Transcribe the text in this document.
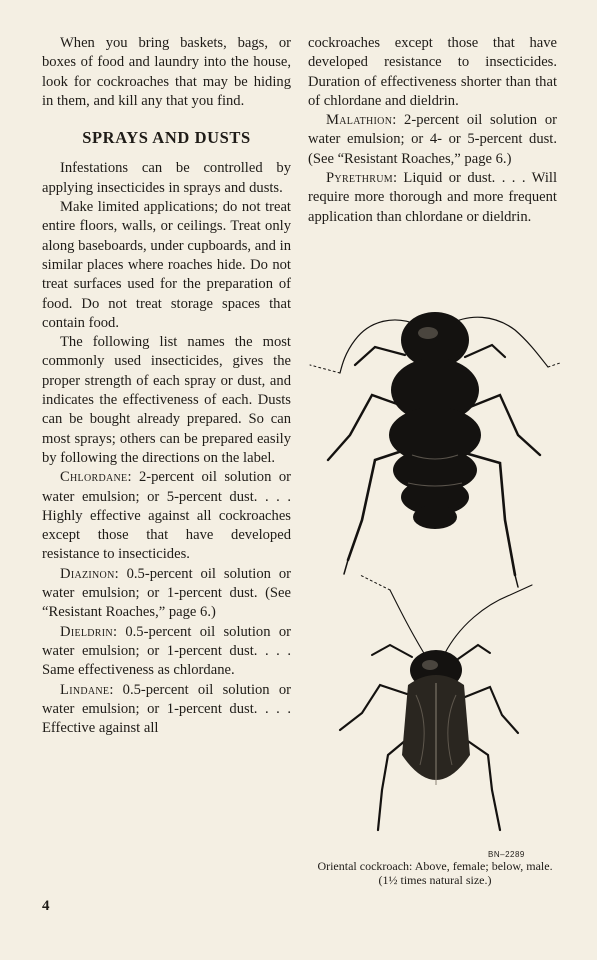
When you bring baskets, bags, or boxes of food and laundry into the house, look for cockroaches that may be hiding in them, and kill any that you find.

SPRAYS AND DUSTS

Infestations can be controlled by applying insecticides in sprays and dusts.

Make limited applications; do not treat entire floors, walls, or ceilings. Treat only along baseboards, under cupboards, and in similar places where roaches hide. Do not treat surfaces used for the preparation of food. Do not treat storage spaces that contain food.

The following list names the most commonly used insecticides, gives the proper strength of each spray or dust, and indicates the effectiveness of each. Dusts can be bought already prepared. So can most sprays; others can be prepared easily by following the directions on the label.

Chlordane: 2-percent oil solution or water emulsion; or 5-percent dust. . . . Highly effective against all cockroaches except those that have developed resistance to insecticides.

Diazinon: 0.5-percent oil solution or water emulsion; or 1-percent dust. (See “Resistant Roaches,” page 6.)

Dieldrin: 0.5-percent oil solution or water emulsion; or 1-percent dust. . . . Same effectiveness as chlordane.

Lindane: 0.5-percent oil solution or water emulsion; or 1-percent dust. . . . Effective against all

cockroaches except those that have developed resistance to insecticides. Duration of effectiveness shorter than that of chlordane and dieldrin.

Malathion: 2-percent oil solution or water emulsion; or 4- or 5-percent dust. (See “Resistant Roaches,” page 6.)

Pyrethrum: Liquid or dust. . . . Will require more thorough and more frequent application than chlordane or dieldrin.

BN–2289
Oriental cockroach: Above, female; below, male. (1½ times natural size.)
4
